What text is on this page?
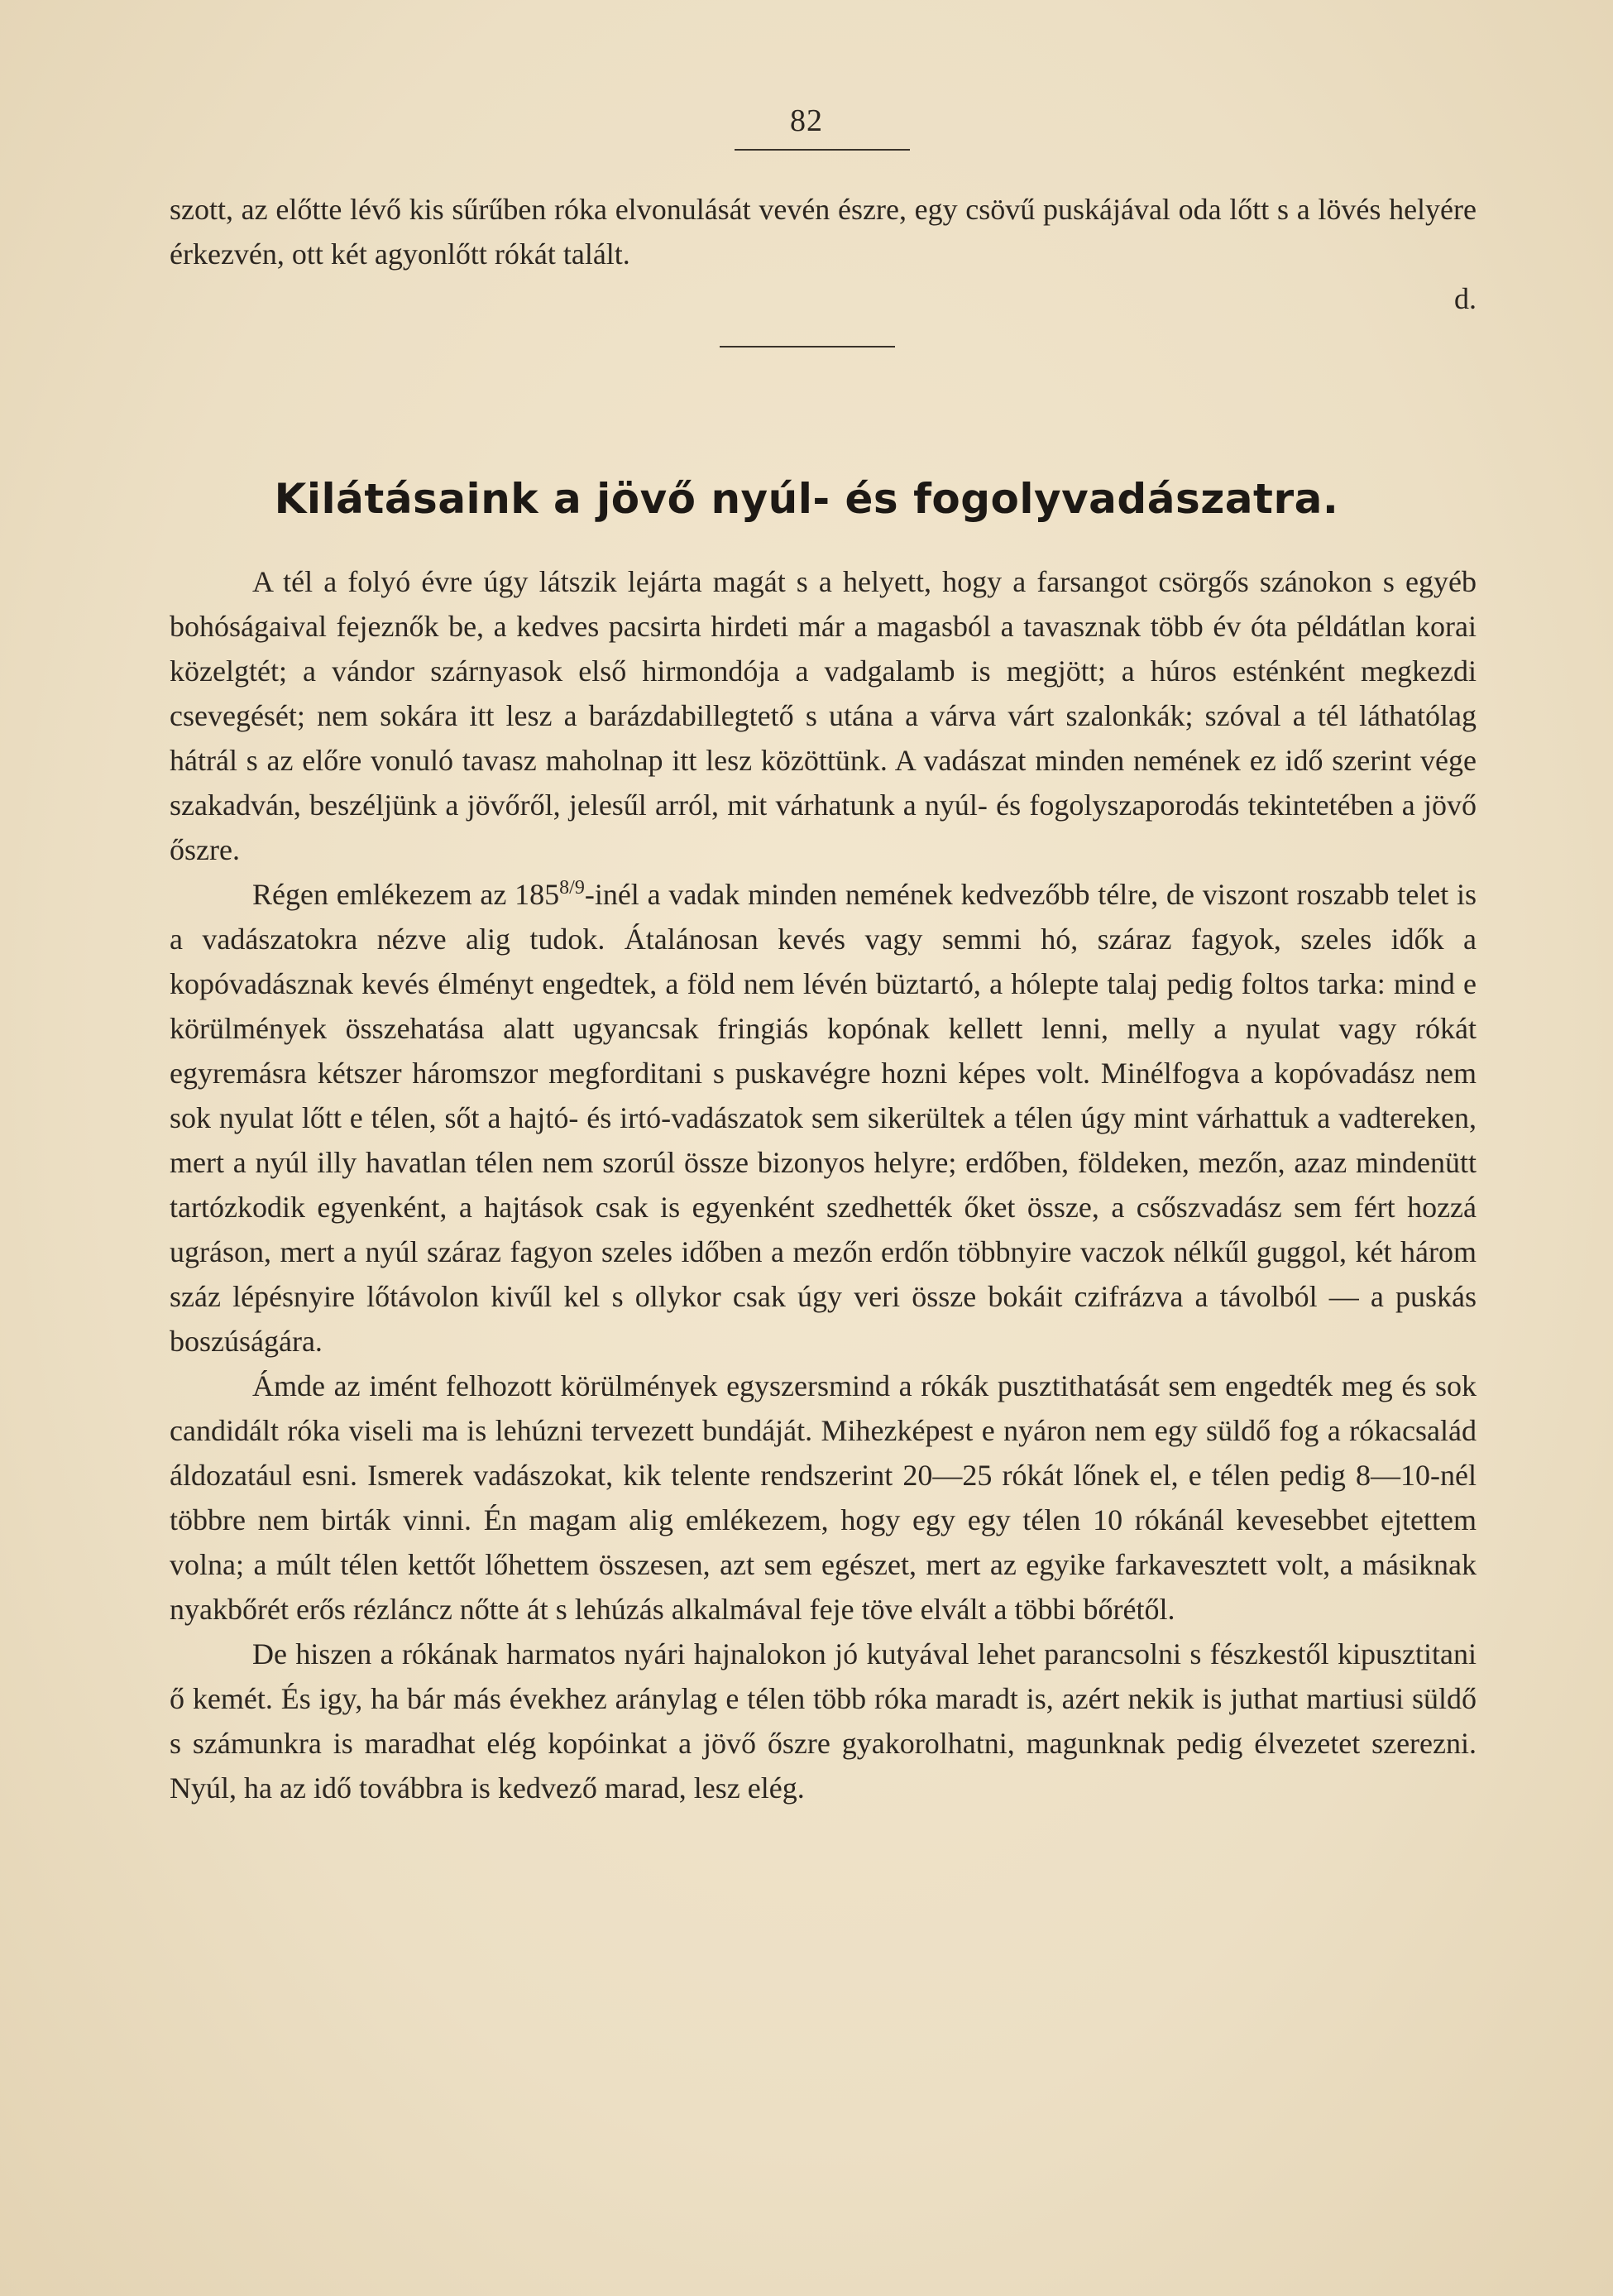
82

szott, az előtte lévő kis sűrűben róka elvonulását vevén észre, egy csövű puskájával oda lőtt s a lövés helyére érkezvén, ott két agyonlőtt rókát talált.

d.

Kilátásaink a jövő nyúl- és fogolyvadászatra.

A tél a folyó évre úgy látszik lejárta magát s a helyett, hogy a farsangot csörgős szánokon s egyéb bohóságaival fejeznők be, a kedves pacsirta hirdeti már a magasból a tavasznak több év óta példátlan korai közelgtét; a vándor szárnyasok első hirmondója a vadgalamb is megjött; a húros esténként megkezdi csevegését; nem sokára itt lesz a barázdabillegtető s utána a várva várt szalonkák; szóval a tél láthatólag hátrál s az előre vonuló tavasz maholnap itt lesz közöttünk. A vadászat minden nemének ez idő szerint vége szakadván, beszéljünk a jövőről, jelesűl arról, mit várhatunk a nyúl- és fogolyszaporodás tekintetében a jövő őszre.

Régen emlékezem az $185^{8/9}$-inél a vadak minden nemének kedvezőbb télre, de viszont roszabb telet is a vadászatokra nézve alig tudok. Átalánosan kevés vagy semmi hó, száraz fagyok, szeles idők a kopóvadásznak kevés élményt engedtek, a föld nem lévén büztartó, a hólepte talaj pedig foltos tarka: mind e körülmények összehatása alatt ugyancsak fringiás kopónak kellett lenni, melly a nyulat vagy rókát egyremásra kétszer háromszor megforditani s puskavégre hozni képes volt. Minélfogva a kopóvadász nem sok nyulat lőtt e télen, sőt a hajtó- és irtó-vadászatok sem sikerültek a télen úgy mint várhattuk a vadtereken, mert a nyúl illy havatlan télen nem szorúl össze bizonyos helyre; erdőben, földeken, mezőn, azaz mindenütt tartózkodik egyenként, a hajtások csak is egyenként szedhették őket össze, a csőszvadász sem fért hozzá ugráson, mert a nyúl száraz fagyon szeles időben a mezőn erdőn többnyire vaczok nélkűl guggol, két három száz lépésnyire lőtávolon kivűl kel s ollykor csak úgy veri össze bokáit czifrázva a távolból — a puskás boszúságára.

Ámde az imént felhozott körülmények egyszersmind a rókák pusztithatását sem engedték meg és sok candidált róka viseli ma is lehúzni tervezett bundáját. Mihezképest e nyáron nem egy süldő fog a rókacsalád áldozatául esni. Ismerek vadászokat, kik telente rendszerint 20—25 rókát lőnek el, e télen pedig 8—10-nél többre nem birták vinni. Én magam alig emlékezem, hogy egy egy télen 10 rókánál kevesebbet ejtettem volna; a múlt télen kettőt lőhettem összesen, azt sem egészet, mert az egyike farkavesztett volt, a másiknak nyakbőrét erős rézláncz nőtte át s lehúzás alkalmával feje töve elvált a többi bőrétől.

De hiszen a rókának harmatos nyári hajnalokon jó kutyával lehet parancsolni s fészkestől kipusztitani ő kemét. És igy, ha bár más évekhez aránylag e télen több róka maradt is, azért nekik is juthat martiusi süldő s számunkra is maradhat elég kopóinkat a jövő őszre gyakorolhatni, magunknak pedig élvezetet szerezni. Nyúl, ha az idő továbbra is kedvező marad, lesz elég.
